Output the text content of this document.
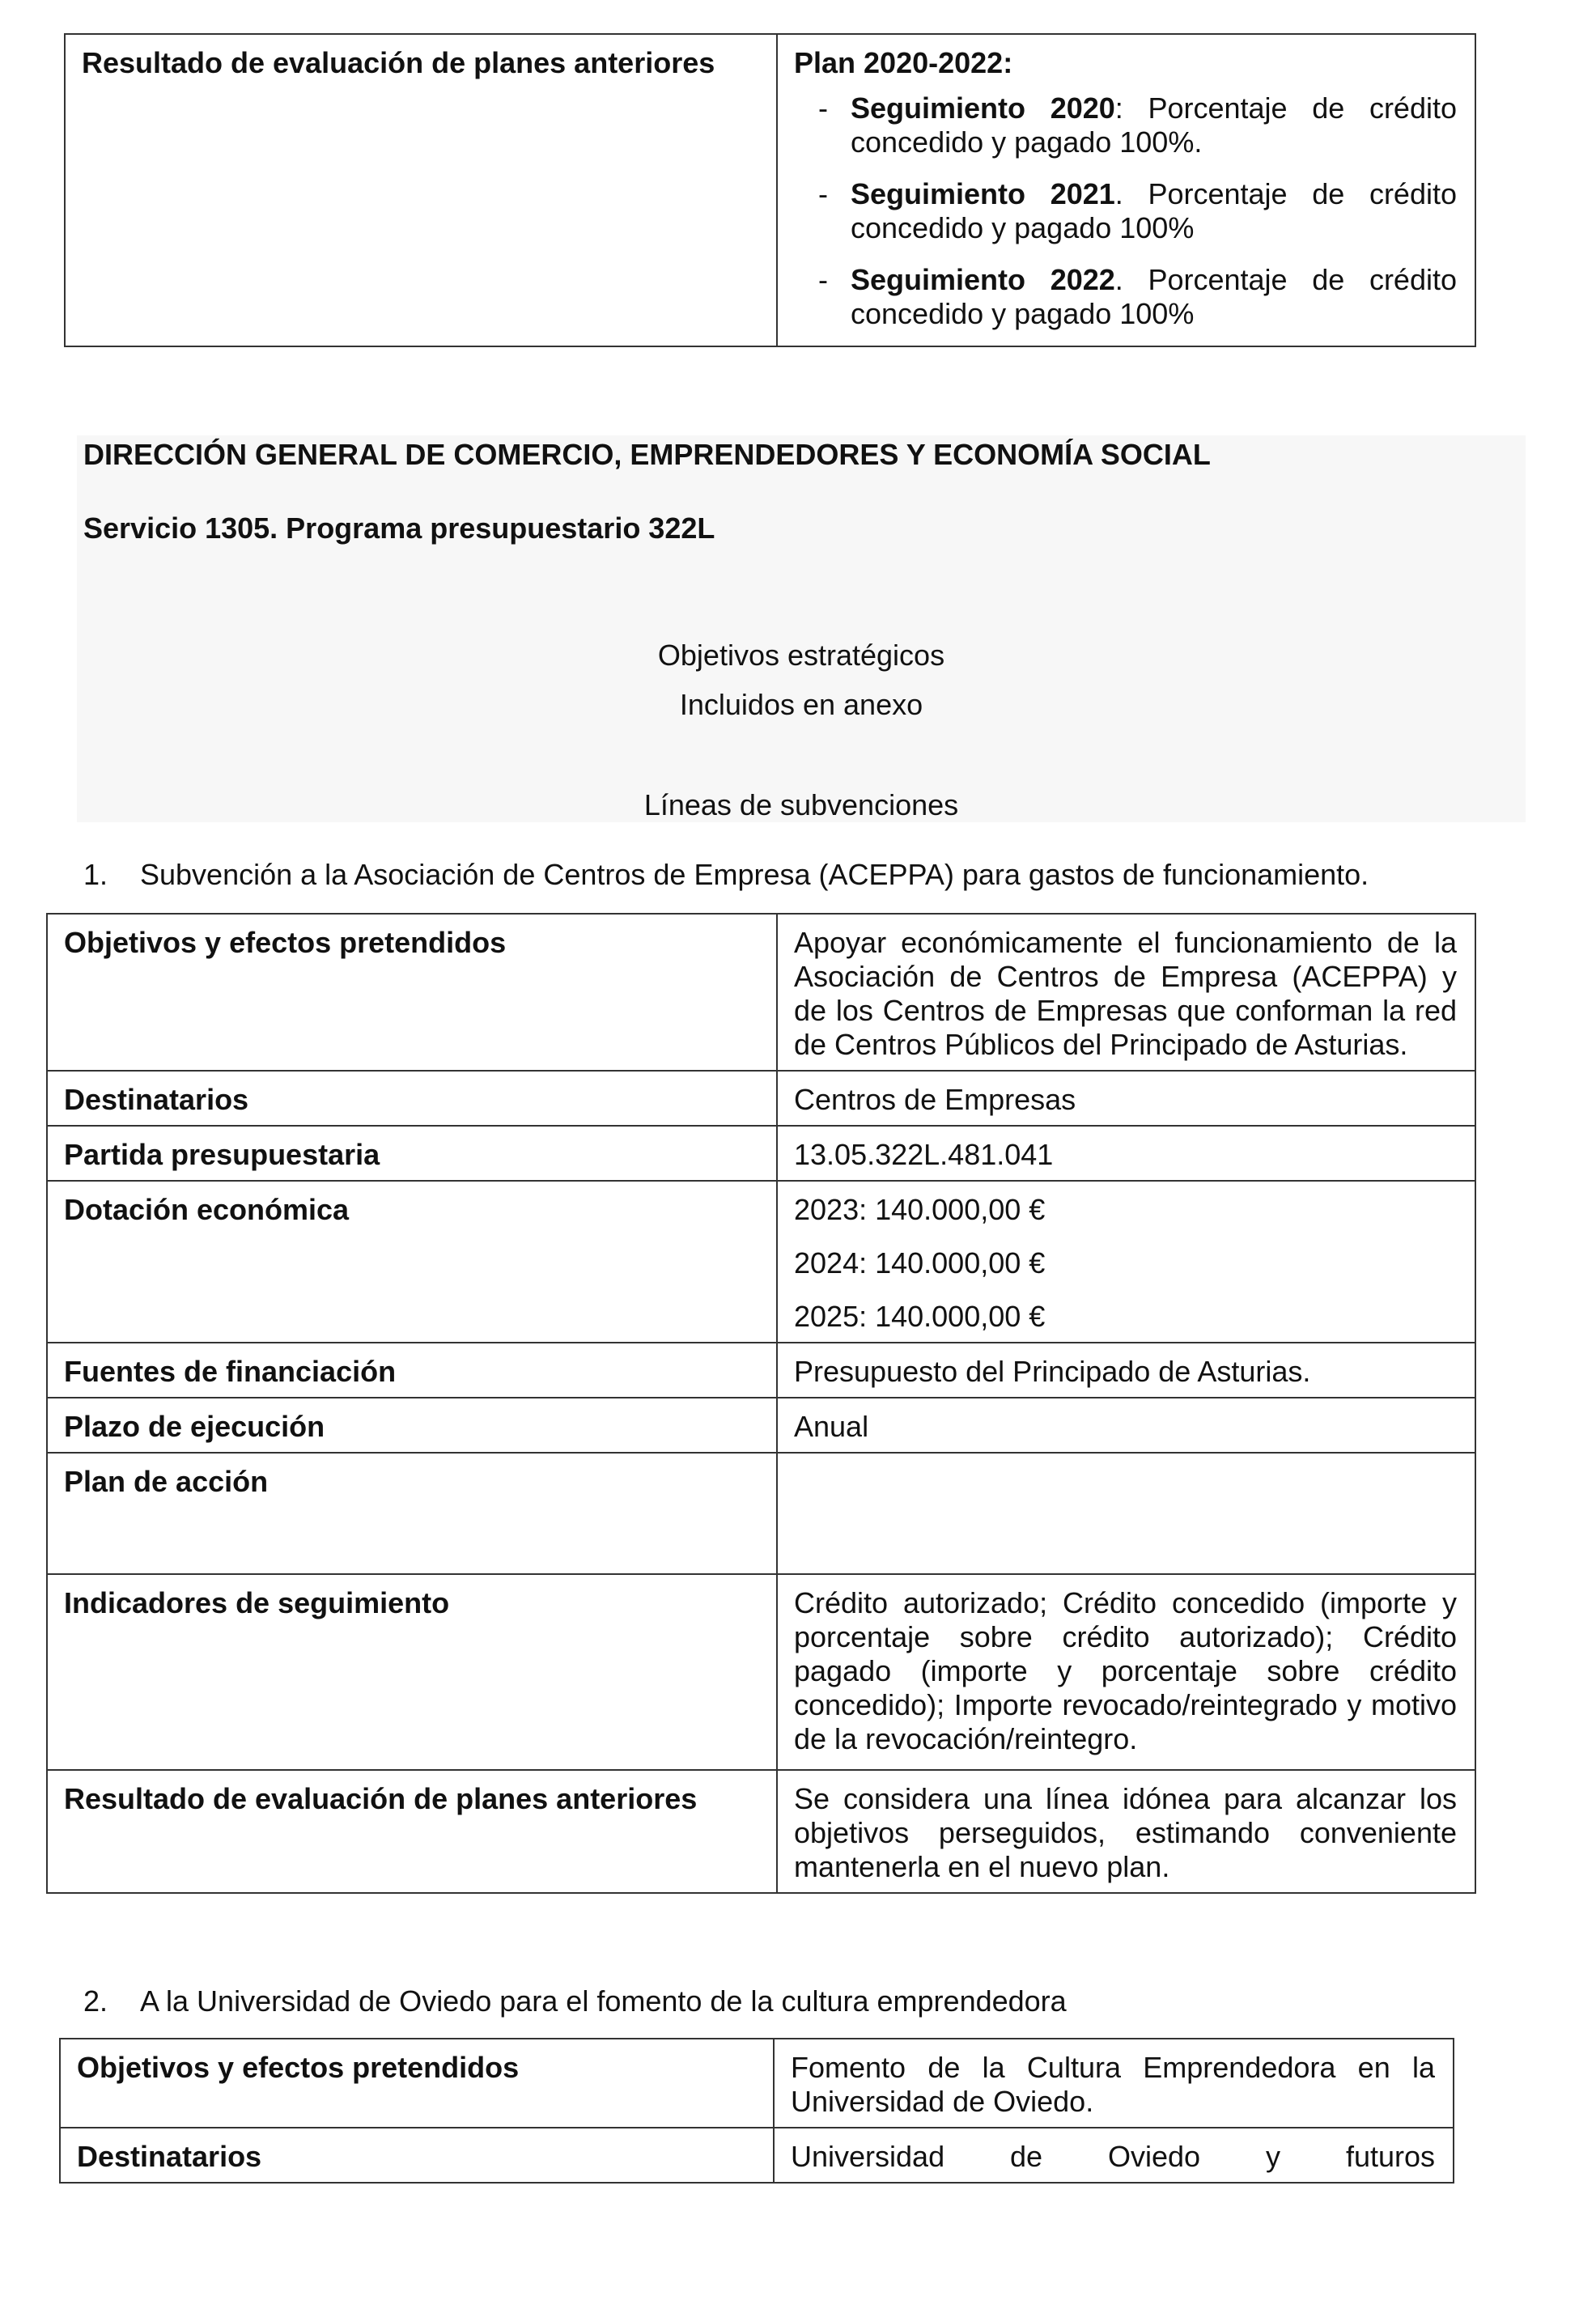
Resultado de evaluación de planes anteriores	Plan 2020-2022:
- Seguimiento 2020: Porcentaje de crédito concedido y pagado 100%.
- Seguimiento 2021. Porcentaje de crédito concedido y pagado 100%
- Seguimiento 2022. Porcentaje de crédito concedido y pagado 100%
DIRECCIÓN GENERAL DE COMERCIO, EMPRENDEDORES Y ECONOMÍA SOCIAL
Servicio 1305. Programa presupuestario 322L
Objetivos estratégicos
Incluidos en anexo
Líneas de subvenciones
1. Subvención a la Asociación de Centros de Empresa (ACEPPA) para gastos de funcionamiento.
Objetivos y efectos pretendidos	Apoyar económicamente el funcionamiento de la Asociación de Centros de Empresa (ACEPPA) y de los Centros de Empresas que conforman la red de Centros Públicos del Principado de Asturias.
Destinatarios	Centros de Empresas
Partida presupuestaria	13.05.322L.481.041
Dotación económica	2023: 140.000,00 €
2024: 140.000,00 €
2025: 140.000,00 €

Fuentes de financiación	Presupuesto del Principado de Asturias.
Plazo de ejecución	Anual
Plan de acción	
Indicadores de seguimiento	Crédito autorizado; Crédito concedido (importe y porcentaje sobre crédito autorizado); Crédito pagado (importe y porcentaje sobre crédito concedido); Importe revocado/reintegrado y motivo de la revocación/reintegro.
Resultado de evaluación de planes anteriores	Se considera una línea idónea para alcanzar los objetivos perseguidos, estimando conveniente mantenerla en el nuevo plan.
2. A la Universidad de Oviedo para el fomento de la cultura emprendedora
Objetivos y efectos pretendidos	Fomento de la Cultura Emprendedora en la Universidad de Oviedo.
Destinatarios	Universidad de Oviedo y futuros
